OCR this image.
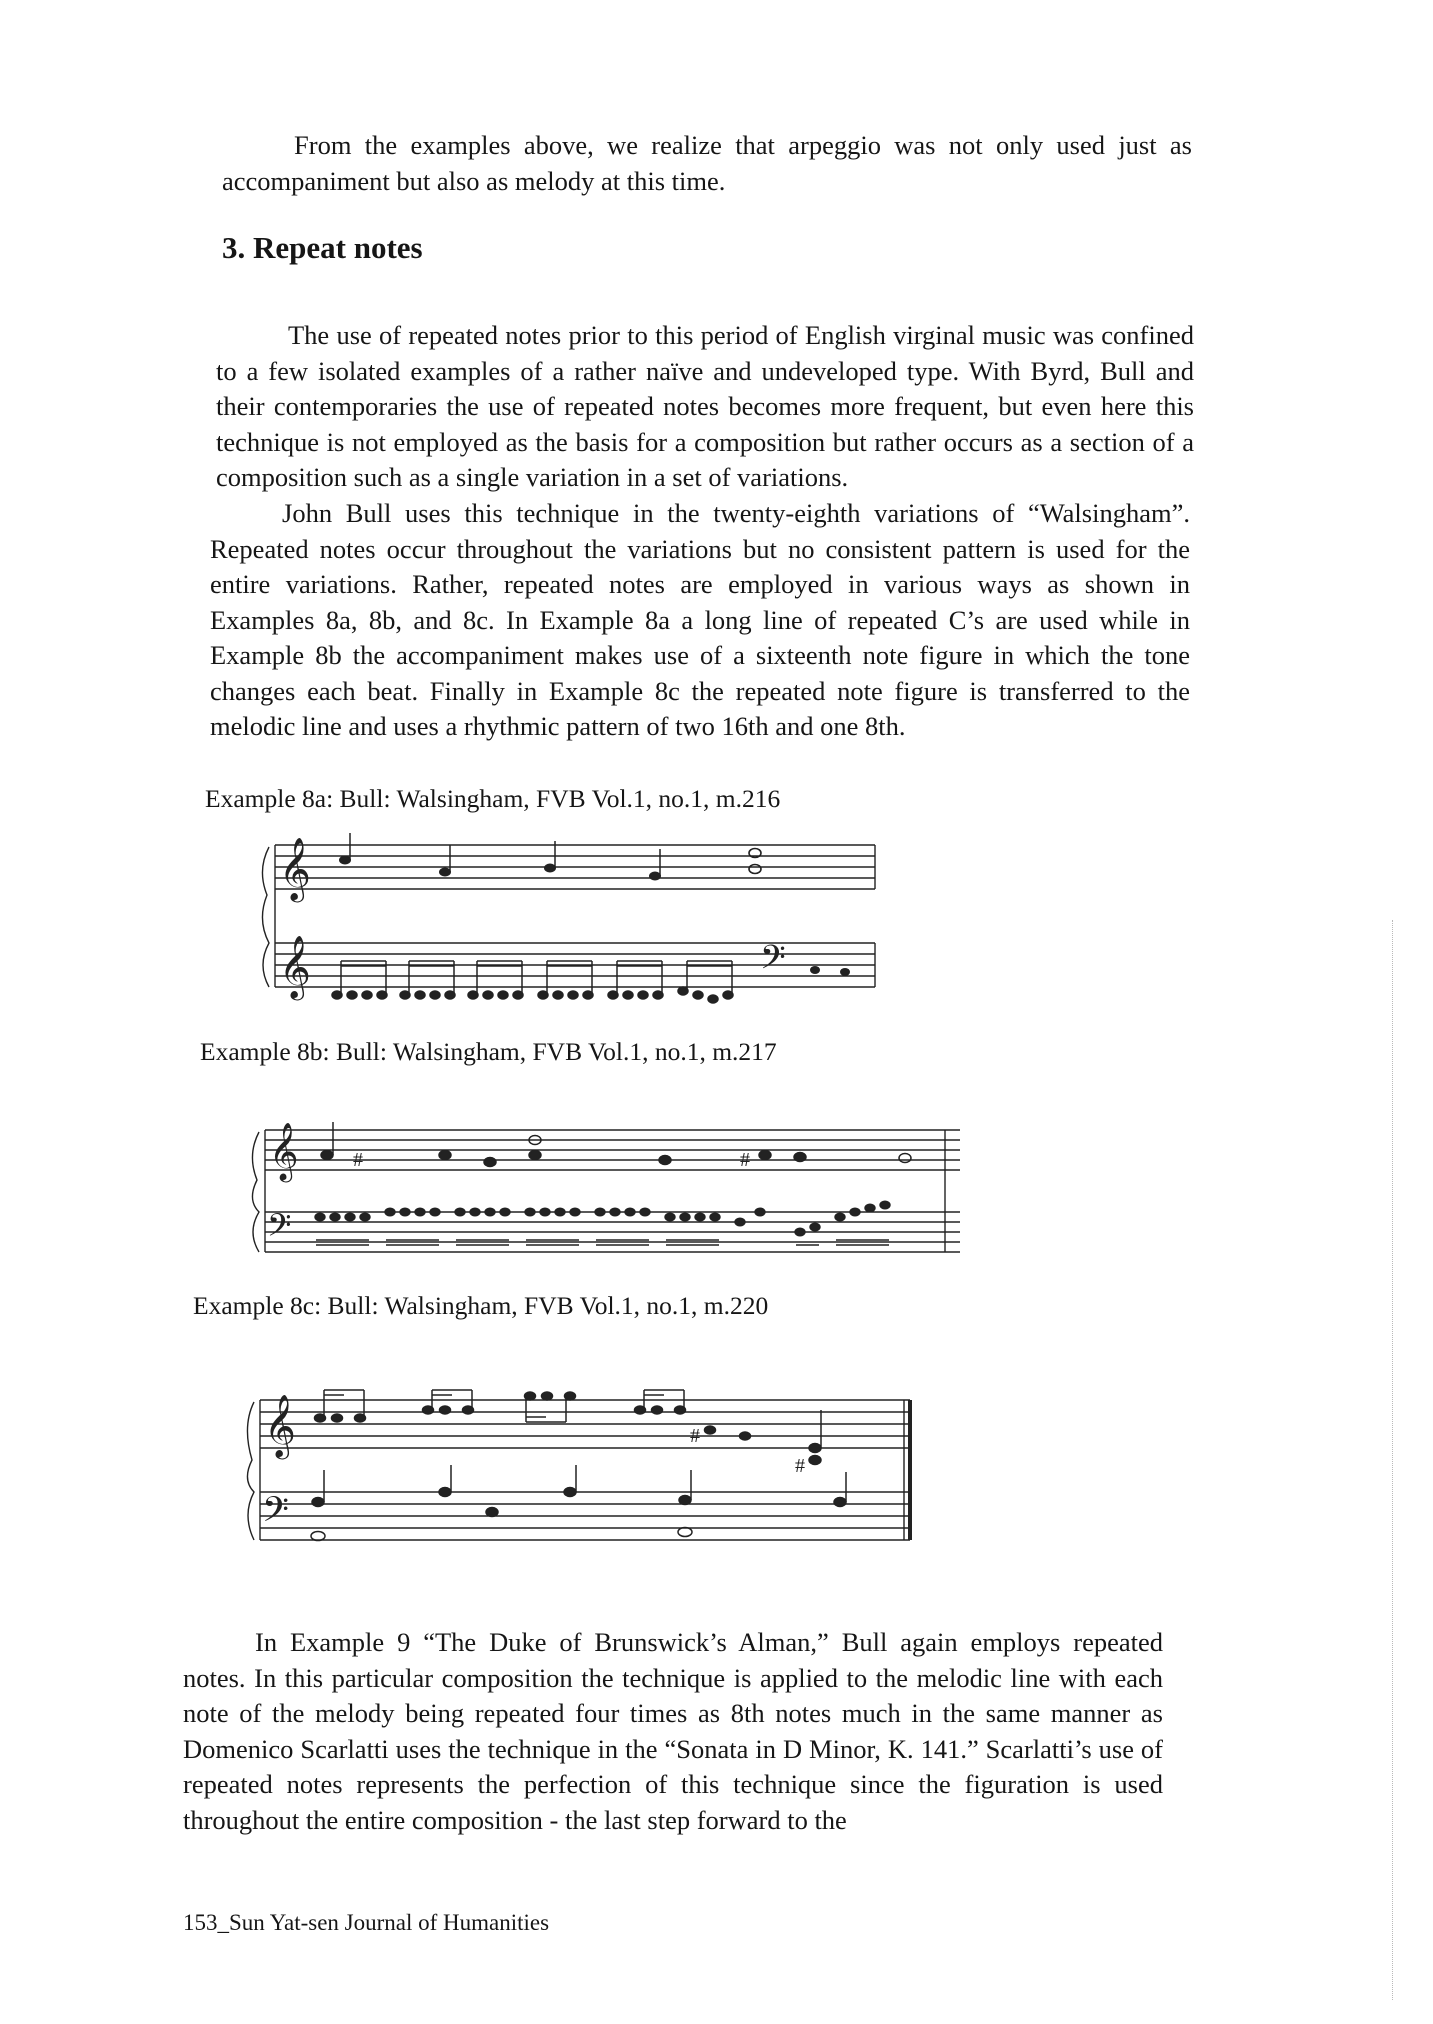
From the examples above, we realize that arpeggio was not only used just as accompaniment but also as melody at this time.

3. Repeat notes

The use of repeated notes prior to this period of English virginal music was confined to a few isolated examples of a rather naïve and undeveloped type. With Byrd, Bull and their contemporaries the use of repeated notes becomes more frequent, but even here this technique is not employed as the basis for a composition but rather occurs as a section of a composition such as a single variation in a set of variations.

John Bull uses this technique in the twenty-eighth variations of “Walsingham”. Repeated notes occur throughout the variations but no consistent pattern is used for the entire variations. Rather, repeated notes are employed in various ways as shown in Examples 8a, 8b, and 8c. In Example 8a a long line of repeated C’s are used while in Example 8b the accompaniment makes use of a sixteenth note figure in which the tone changes each beat. Finally in Example 8c the repeated note figure is transferred to the melodic line and uses a rhythmic pattern of two 16th and one 8th.

Example 8a: Bull: Walsingham, FVB Vol.1, no.1, m.216

𝄞
𝄞	𝄢

Example 8b: Bull: Walsingham, FVB Vol.1, no.1, m.217

𝄞
𝄢
#	#

Example 8c: Bull: Walsingham, FVB Vol.1, no.1, m.220

𝄞
𝄢
#
#

In Example 9 “The Duke of Brunswick’s Alman,” Bull again employs repeated notes. In this particular composition the technique is applied to the melodic line with each note of the melody being repeated four times as 8th notes much in the same manner as Domenico Scarlatti uses the technique in the “Sonata in D Minor, K. 141.” Scarlatti’s use of repeated notes represents the perfection of this technique since the figuration is used throughout the entire composition - the last step forward to the

153_Sun Yat-sen Journal of Humanities
